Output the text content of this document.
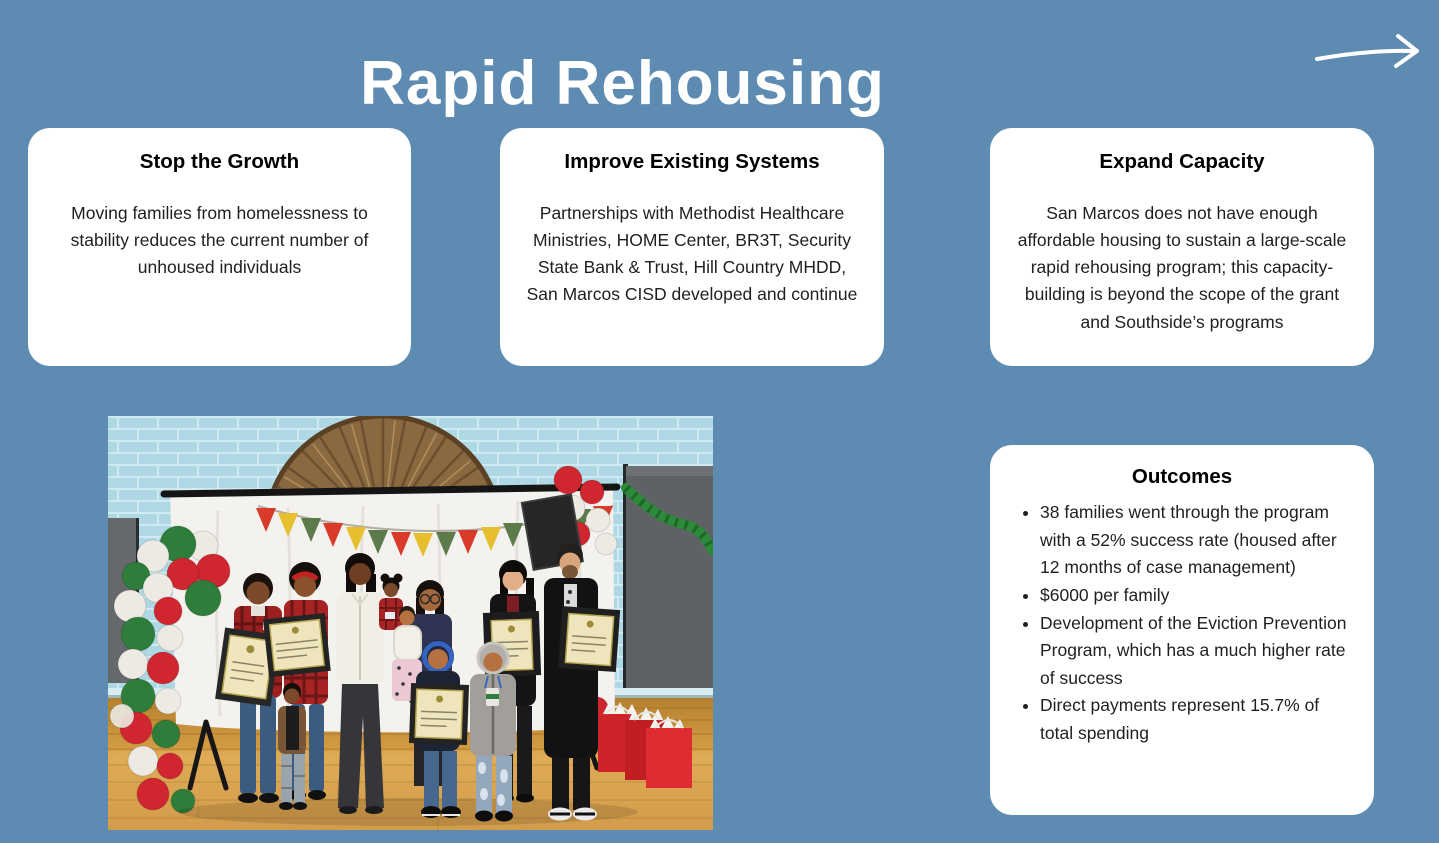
Rapid Rehousing
Stop the Growth

Moving families from homelessness to stability reduces the current number of unhoused individuals

Improve Existing Systems

Partnerships with Methodist Healthcare Ministries, HOME Center, BR3T, Security State Bank & Trust, Hill Country MHDD, San Marcos CISD developed and continue

Expand Capacity

San Marcos does not have enough affordable housing to sustain a large-scale rapid rehousing program; this capacity-building is beyond the scope of the grant and Southside’s programs

Outcomes
• 38 families went through the program with a 52% success rate (housed after 12 months of case management)
• $6000 per family
• Development of the Eviction Prevention Program, which has a much higher rate of success
• Direct payments represent 15.7% of total spending
